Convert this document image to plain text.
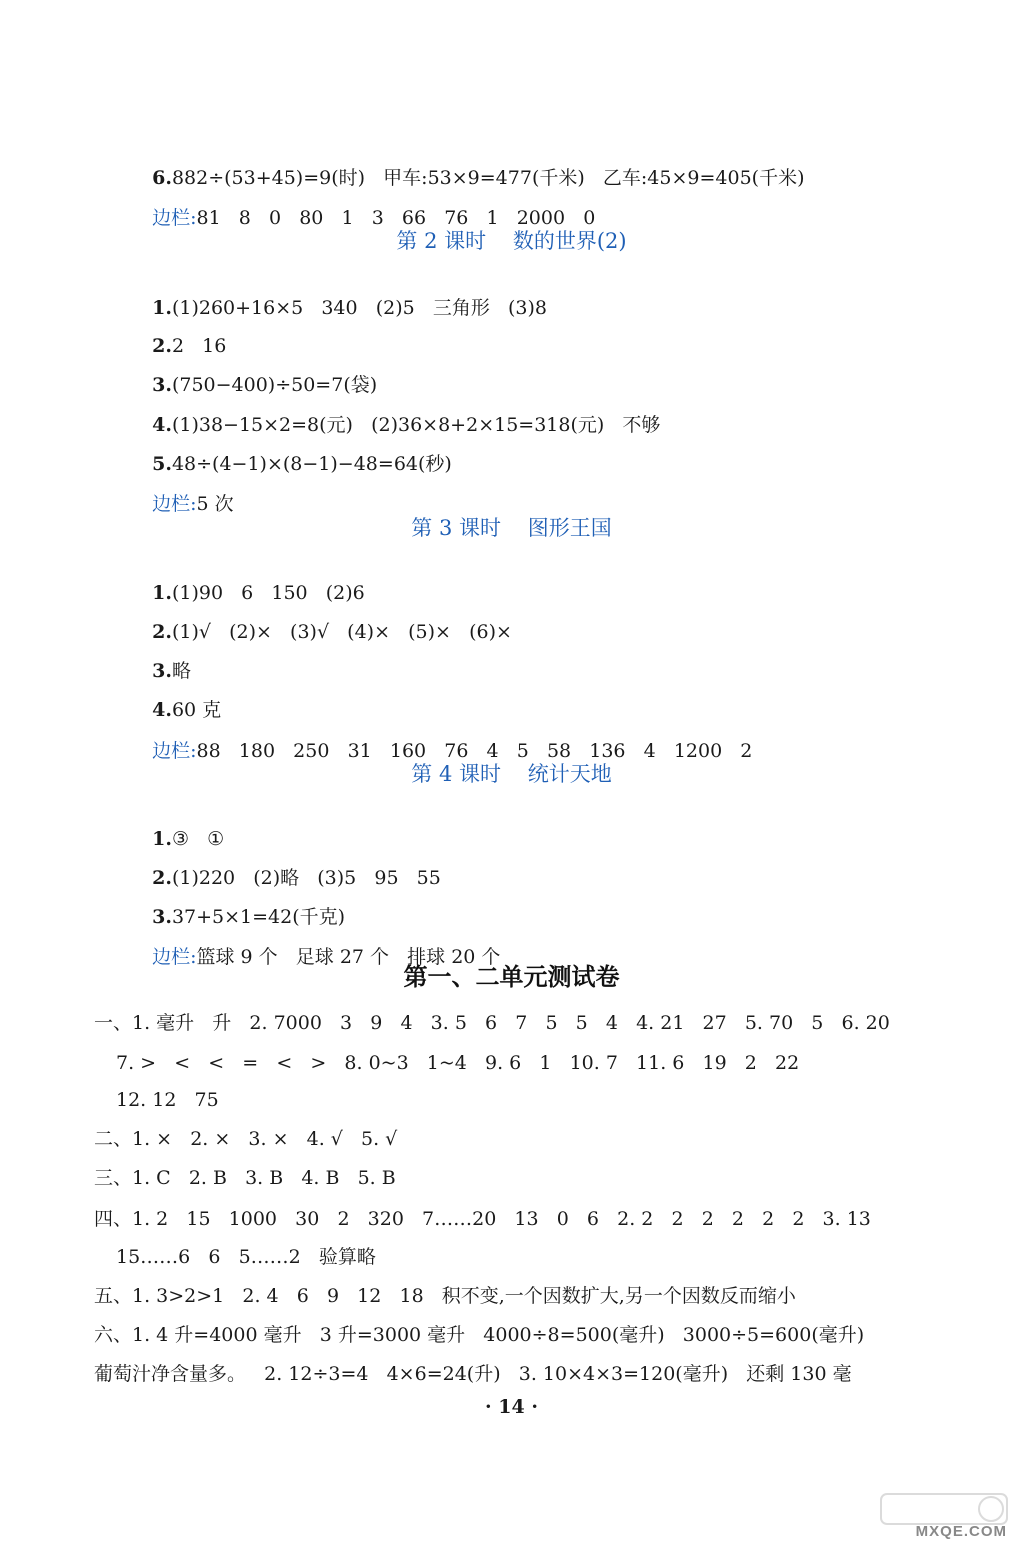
6.882÷(53+45)=9(时)   甲车:53×9=477(千米)   乙车:45×9=405(千米)

边栏:81   8   0   80   1   3   66   76   1   2000   0

第 2 课时    数的世界(2)

1.(1)260+16×5   340   (2)5   三角形   (3)8

2.2   16

3.(750−400)÷50=7(袋)

4.(1)38−15×2=8(元)   (2)36×8+2×15=318(元)   不够

5.48÷(4−1)×(8−1)−48=64(秒)

边栏:5 次

第 3 课时    图形王国

1.(1)90   6   150   (2)6

2.(1)√   (2)×   (3)√   (4)×   (5)×   (6)×

3.略

4.60 克

边栏:88   180   250   31   160   76   4   5   58   136   4   1200   2

第 4 课时    统计天地

1.③   ①

2.(1)220   (2)略   (3)5   95   55

3.37+5×1=42(千克)

边栏:篮球 9 个   足球 27 个   排球 20 个

第一、二单元测试卷
一、1. 毫升   升   2. 7000   3   9   4   3. 5   6   7   5   5   4   4. 21   27   5. 70   5   6. 20
7. >   <   <   =   <   >   8. 0~3   1~4   9. 6   1   10. 7   11. 6   19   2   22
12. 12   75
二、1. ×   2. ×   3. ×   4. √   5. √
三、1. C   2. B   3. B   4. B   5. B
四、1. 2   15   1000   30   2   320   7……20   13   0   6   2. 2   2   2   2   2   2   3. 13
15……6   6   5……2   验算略
五、1. 3>2>1   2. 4   6   9   12   18   积不变,一个因数扩大,另一个因数反而缩小
六、1. 4 升=4000 毫升   3 升=3000 毫升   4000÷8=500(毫升)   3000÷5=600(毫升)
葡萄汁净含量多。   2. 12÷3=4   4×6=24(升)   3. 10×4×3=120(毫升)   还剩 130 毫
· 14 ·
MXQE.COM
